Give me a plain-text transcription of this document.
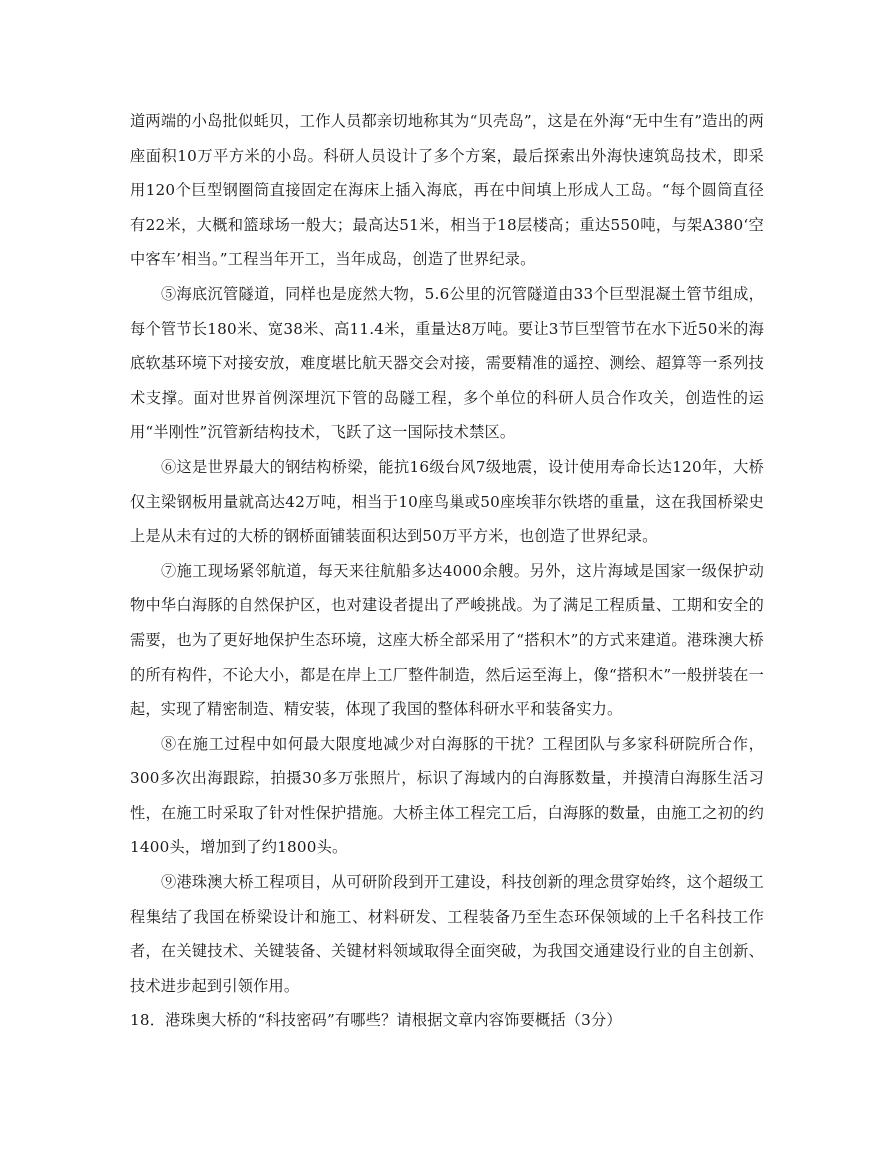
道两端的小岛批似蚝贝，工作人员都亲切地称其为“贝壳岛”，这是在外海“无中生有”造出的两座面积10万平方米的小岛。科研人员设计了多个方案，最后探索出外海快速筑岛技术，即采用120个巨型钢圈筒直接固定在海床上插入海底，再在中间填上形成人工岛。“每个圆筒直径有22米，大概和篮球场一般大；最高达51米，相当于18层楼高；重达550吨，与架A380‘空中客车’相当。”工程当年开工，当年成岛，创造了世界纪录。

⑤海底沉管隧道，同样也是庞然大物，5.6公里的沉管隧道由33个巨型混凝土管节组成，每个管节长180米、宽38米、高11.4米，重量达8万吨。要让3节巨型管节在水下近50米的海底软基环境下对接安放，难度堪比航天器交会对接，需要精准的遥控、测绘、超算等一系列技术支撑。面对世界首例深埋沉下管的岛隧工程，多个单位的科研人员合作攻关，创造性的运用“半刚性”沉管新结构技术，飞跃了这一国际技术禁区。

⑥这是世界最大的钢结构桥梁，能抗16级台风7级地震，设计使用寿命长达120年，大桥仅主梁钢板用量就高达42万吨，相当于10座鸟巢或50座埃菲尔铁塔的重量，这在我国桥梁史上是从未有过的大桥的钢桥面铺装面积达到50万平方米，也创造了世界纪录。

⑦施工现场紧邻航道，每天来往航船多达4000余艘。另外，这片海域是国家一级保护动物中华白海豚的自然保护区，也对建设者提出了严峻挑战。为了满足工程质量、工期和安全的需要，也为了更好地保护生态环境，这座大桥全部采用了“搭积木”的方式来建道。港珠澳大桥的所有构件，不论大小，都是在岸上工厂整件制造，然后运至海上，像“搭积木”一般拼装在一起，实现了精密制造、精安装，体现了我国的整体科研水平和装备实力。

⑧在施工过程中如何最大限度地减少对白海豚的干扰？工程团队与多家科研院所合作，300多次出海跟踪，拍摄30多万张照片，标识了海域内的白海豚数量，并摸清白海豚生活习性，在施工时采取了针对性保护措施。大桥主体工程完工后，白海豚的数量，由施工之初的约1400头，增加到了约1800头。

⑨港珠澳大桥工程项目，从可研阶段到开工建设，科技创新的理念贯穿始终，这个超级工程集结了我国在桥梁设计和施工、材料研发、工程装备乃至生态环保领域的上千名科技工作者，在关键技术、关键装备、关键材料领域取得全面突破，为我国交通建设行业的自主创新、技术进步起到引领作用。

18．港珠奥大桥的“科技密码”有哪些？请根据文章内容饰要概括（3分）
